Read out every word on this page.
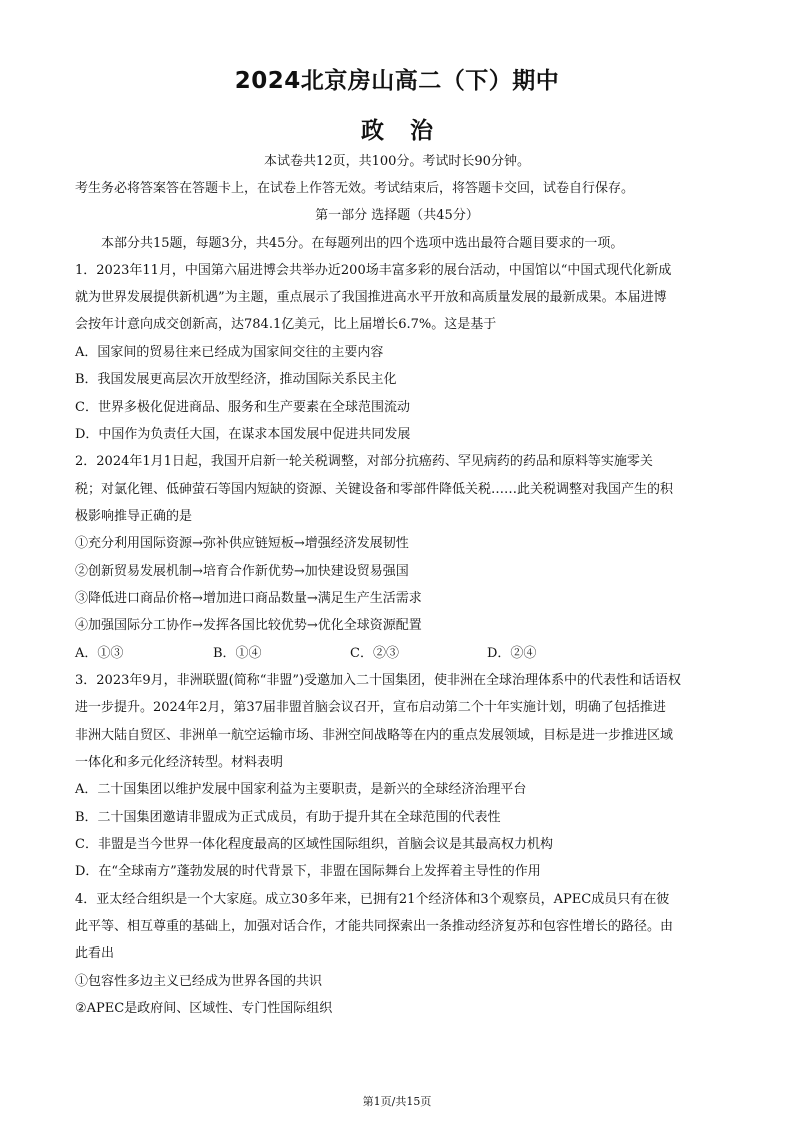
2024北京房山高二（下）期中
政治
本试卷共12页，共100分。考试时长90分钟。
考生务必将答案答在答题卡上，在试卷上作答无效。考试结束后，将答题卡交回，试卷自行保存。
第一部分 选择题（共45分）
本部分共15题，每题3分，共45分。在每题列出的四个选项中选出最符合题目要求的一项。
1．2023年11月，中国第六届进博会共举办近200场丰富多彩的展台活动，中国馆以“中国式现代化新成
就为世界发展提供新机遇”为主题，重点展示了我国推进高水平开放和高质量发展的最新成果。本届进博
会按年计意向成交创新高，达784.1亿美元，比上届增长6.7%。这是基于
A．国家间的贸易往来已经成为国家间交往的主要内容
B．我国发展更高层次开放型经济，推动国际关系民主化
C．世界多极化促进商品、服务和生产要素在全球范围流动
D．中国作为负责任大国，在谋求本国发展中促进共同发展
2．2024年1月1日起，我国开启新一轮关税调整，对部分抗癌药、罕见病药的药品和原料等实施零关
税；对氯化锂、低砷萤石等国内短缺的资源、关键设备和零部件降低关税……此关税调整对我国产生的积
极影响推导正确的是
①充分利用国际资源→弥补供应链短板→增强经济发展韧性
②创新贸易发展机制→培育合作新优势→加快建设贸易强国
③降低进口商品价格→增加进口商品数量→满足生产生活需求
④加强国际分工协作→发挥各国比较优势→优化全球资源配置
A．①③	B．①④	C．②③	D．②④
3．2023年9月，非洲联盟(简称“非盟”)受邀加入二十国集团，使非洲在全球治理体系中的代表性和话语权
进一步提升。2024年2月，第37届非盟首脑会议召开，宣布启动第二个十年实施计划，明确了包括推进
非洲大陆自贸区、非洲单一航空运输市场、非洲空间战略等在内的重点发展领域，目标是进一步推进区域
一体化和多元化经济转型。材料表明
A．二十国集团以维护发展中国家利益为主要职责，是新兴的全球经济治理平台
B．二十国集团邀请非盟成为正式成员，有助于提升其在全球范围的代表性
C．非盟是当今世界一体化程度最高的区域性国际组织，首脑会议是其最高权力机构
D．在“全球南方”蓬勃发展的时代背景下，非盟在国际舞台上发挥着主导性的作用
4．亚太经合组织是一个大家庭。成立30多年来，已拥有21个经济体和3个观察员，APEC成员只有在彼
此平等、相互尊重的基础上，加强对话合作，才能共同探索出一条推动经济复苏和包容性增长的路径。由
此看出
①包容性多边主义已经成为世界各国的共识
②APEC是政府间、区域性、专门性国际组织
第1页/共15页
